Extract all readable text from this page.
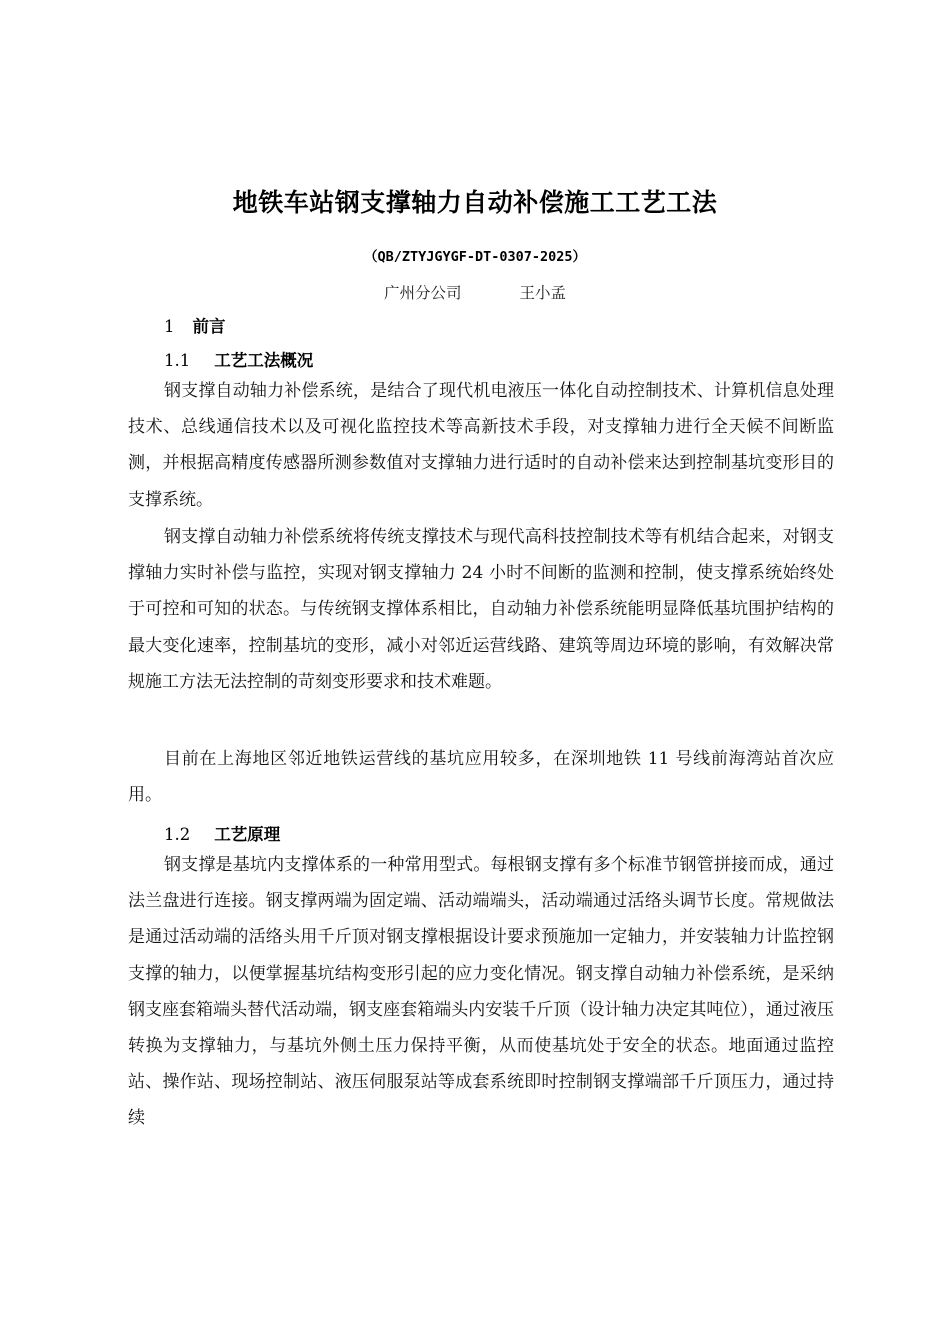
地铁车站钢支撑轴力自动补偿施工工艺工法
（QB/ZTYJGYGF-DT-0307-2025）
广州分公司	王小孟
1 前言
1.1 工艺工法概况

钢支撑自动轴力补偿系统，是结合了现代机电液压一体化自动控制技术、计算机信息处理技术、总线通信技术以及可视化监控技术等高新技术手段，对支撑轴力进行全天候不间断监测，并根据高精度传感器所测参数值对支撑轴力进行适时的自动补偿来达到控制基坑变形目的支撑系统。

钢支撑自动轴力补偿系统将传统支撑技术与现代高科技控制技术等有机结合起来，对钢支撑轴力实时补偿与监控，实现对钢支撑轴力 24 小时不间断的监测和控制，使支撑系统始终处于可控和可知的状态。与传统钢支撑体系相比，自动轴力补偿系统能明显降低基坑围护结构的最大变化速率，控制基坑的变形，减小对邻近运营线路、建筑等周边环境的影响，有效解决常规施工方法无法控制的苛刻变形要求和技术难题。

目前在上海地区邻近地铁运营线的基坑应用较多，在深圳地铁 11 号线前海湾站首次应用。

1.2 工艺原理

钢支撑是基坑内支撑体系的一种常用型式。每根钢支撑有多个标准节钢管拼接而成，通过法兰盘进行连接。钢支撑两端为固定端、活动端端头，活动端通过活络头调节长度。常规做法是通过活动端的活络头用千斤顶对钢支撑根据设计要求预施加一定轴力，并安装轴力计监控钢支撑的轴力，以便掌握基坑结构变形引起的应力变化情况。钢支撑自动轴力补偿系统，是采纳钢支座套箱端头替代活动端，钢支座套箱端头内安装千斤顶（设计轴力决定其吨位），通过液压转换为支撑轴力，与基坑外侧土压力保持平衡，从而使基坑处于安全的状态。地面通过监控站、操作站、现场控制站、液压伺服泵站等成套系统即时控制钢支撑端部千斤顶压力，通过持续
